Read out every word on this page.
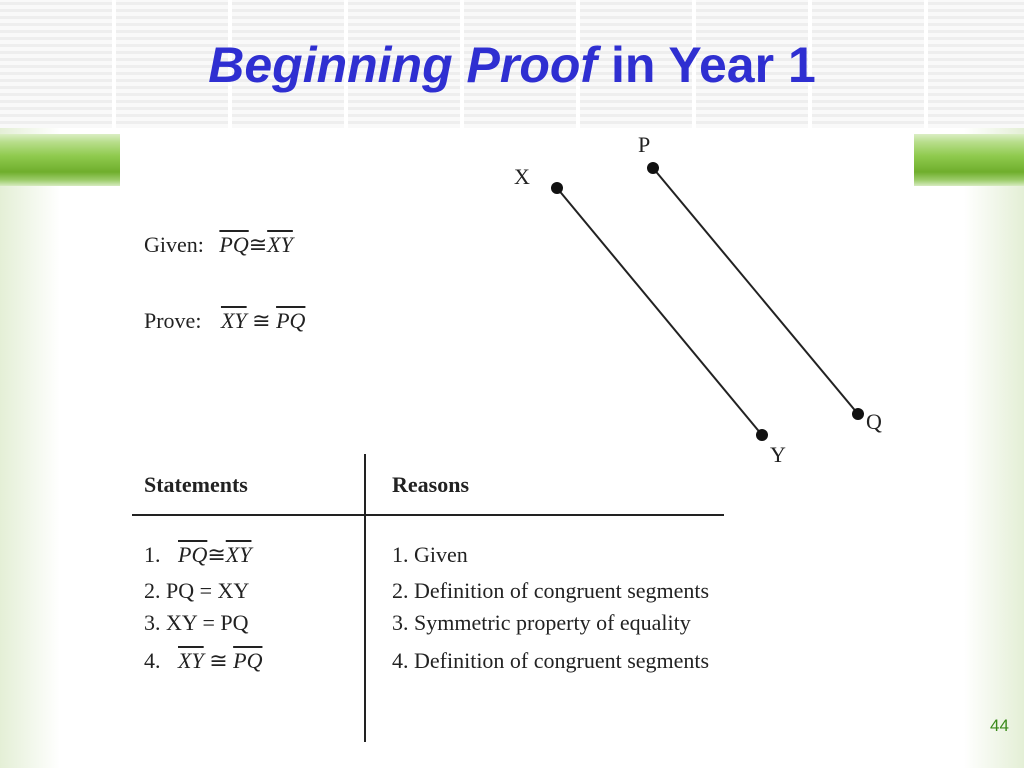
Beginning Proof in Year 1
Given: $\overline{PQ}≅\overline{XY}$
Prove: $\overline{XY}$ ≅ $\overline{PQ}$
X
P
Q
Y
Statements	Reasons
1. $\overline{PQ}≅\overline{XY}$	1. Given
2. PQ = XY	2. Definition of congruent segments
3. XY = PQ	3. Symmetric property of equality
4. $\overline{XY}$ ≅ $\overline{PQ}$	4. Definition of congruent segments
44
